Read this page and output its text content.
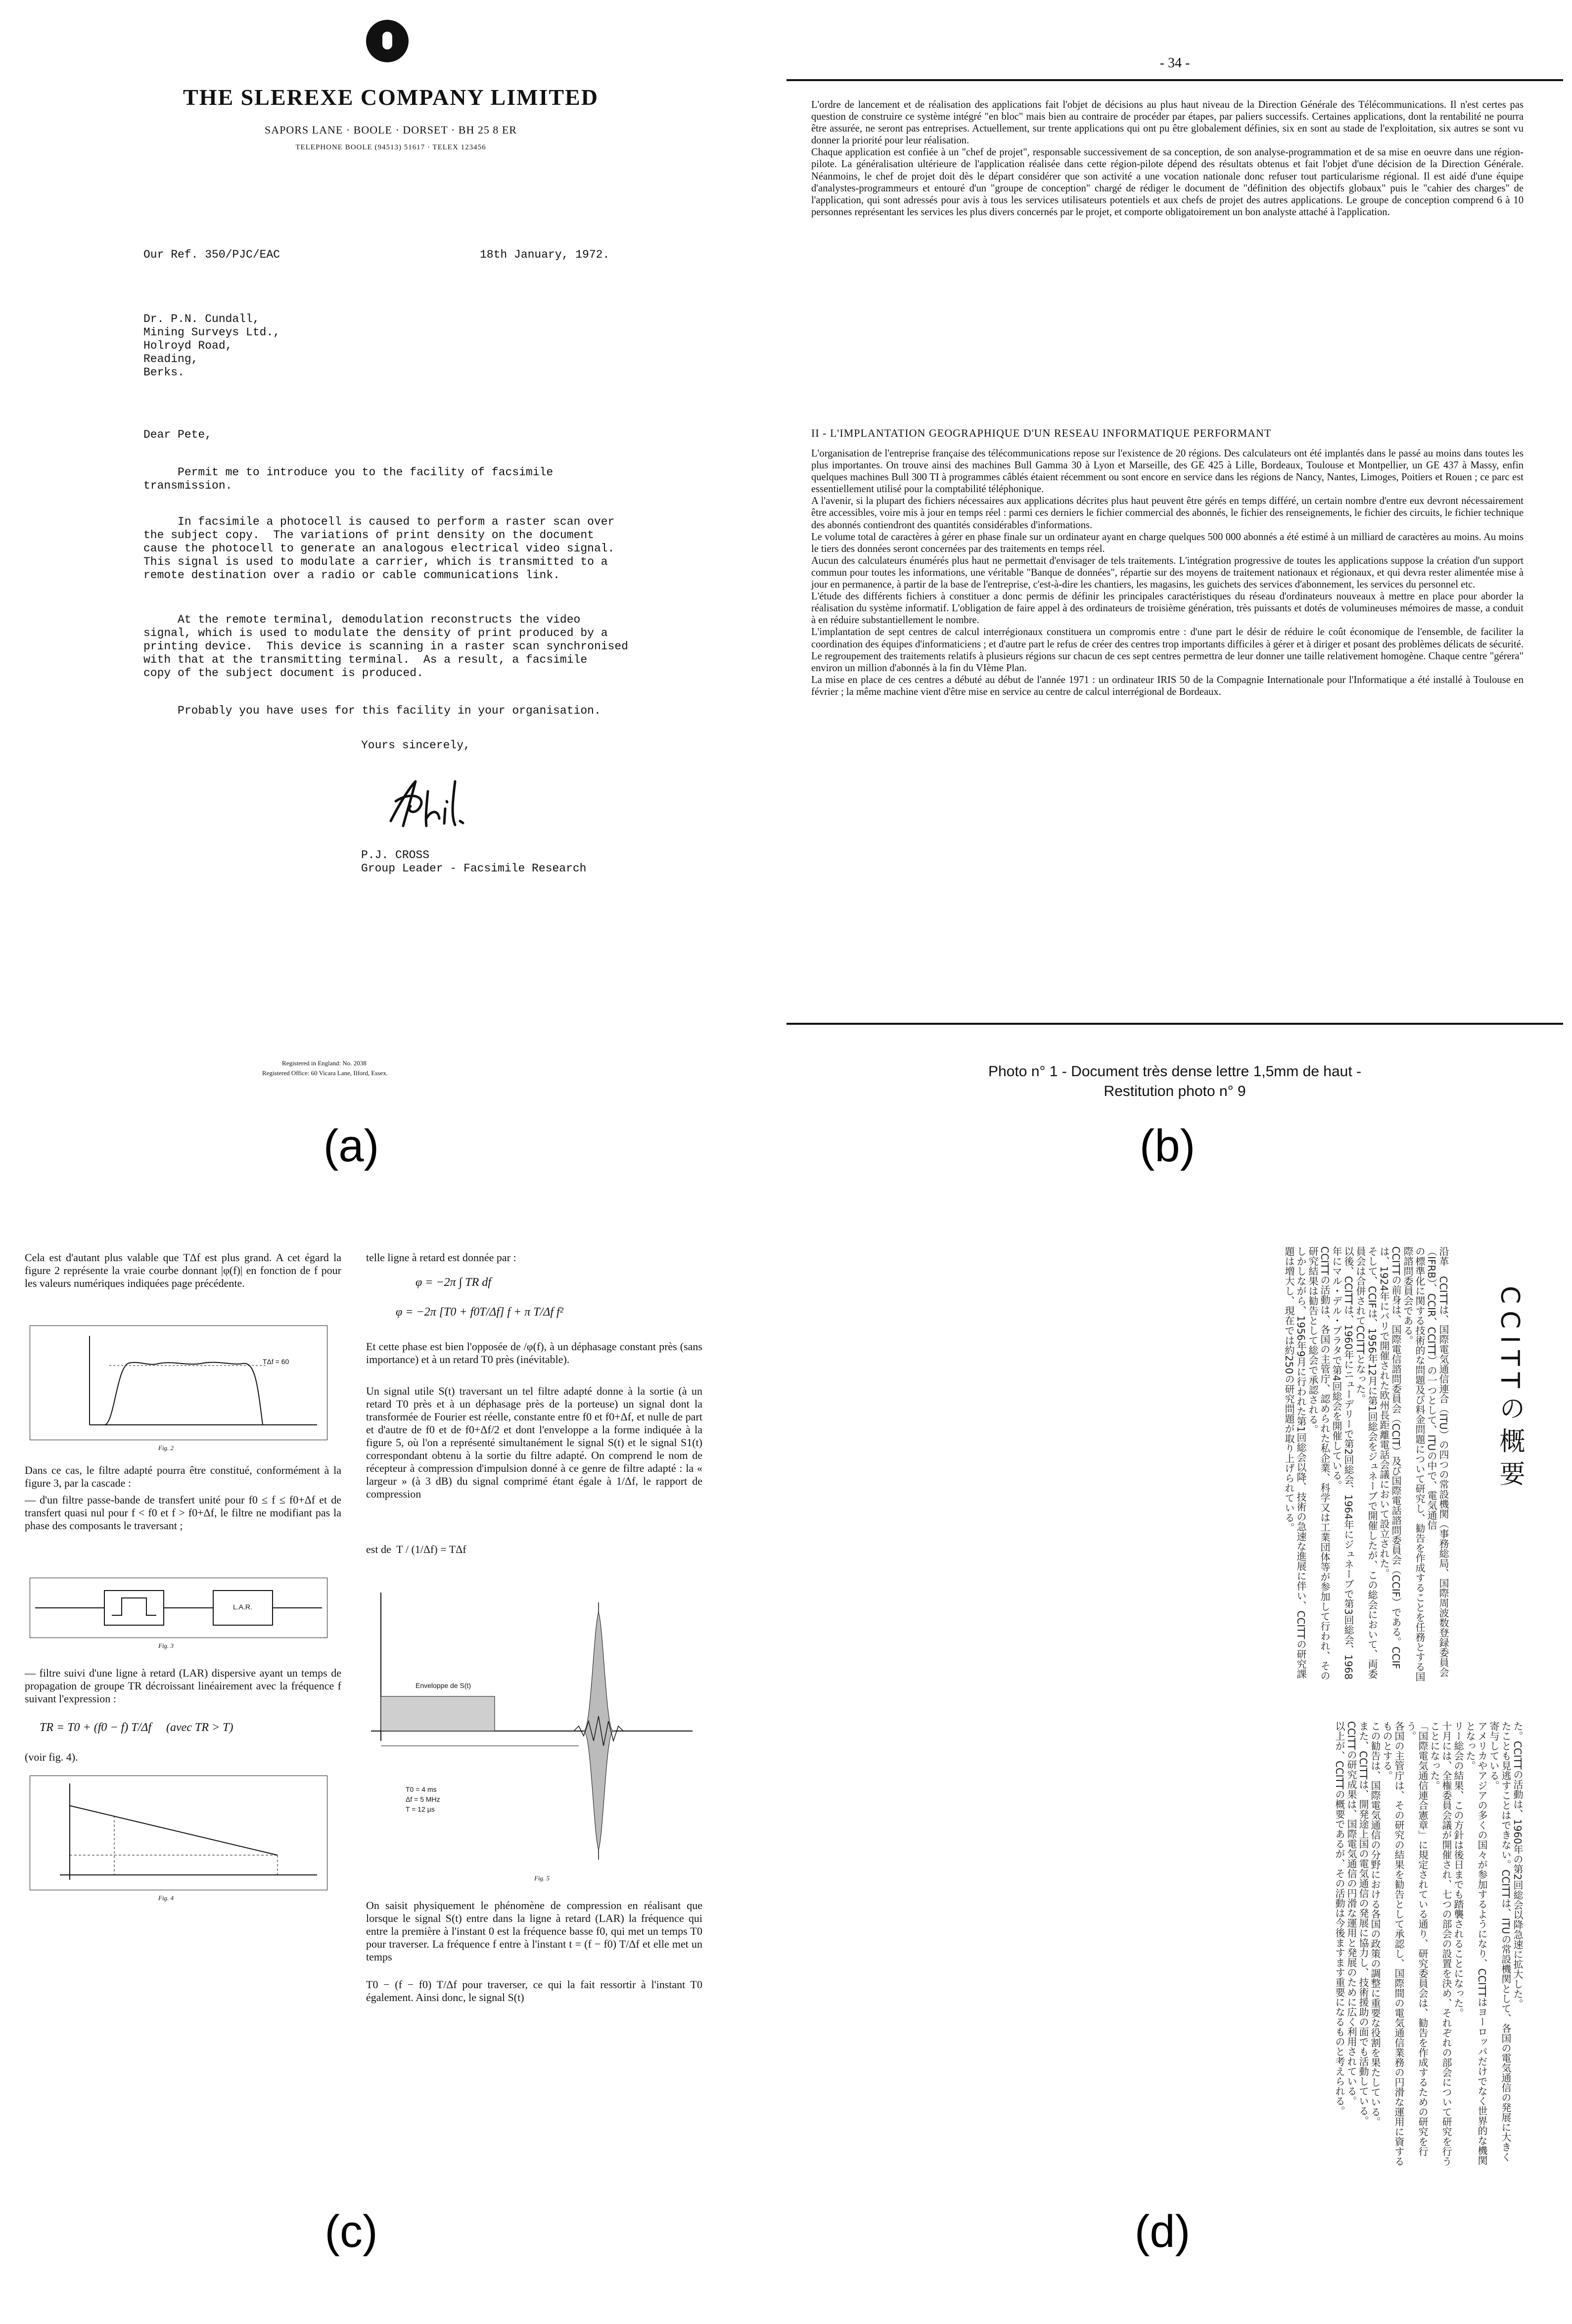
THE SLEREXE COMPANY LIMITED
SAPORS LANE · BOOLE · DORSET · BH 25 8 ER
TELEPHONE BOOLE (94513) 51617 · TELEX 123456
Our Ref. 350/PJC/EAC	18th January, 1972.
Dr. P.N. Cundall,
Mining Surveys Ltd.,
Holroyd Road,
Reading,
Berks.
Dear Pete,
Permit me to introduce you to the facility of facsimile
transmission.
In facsimile a photocell is caused to perform a raster scan over
the subject copy.  The variations of print density on the document
cause the photocell to generate an analogous electrical video signal.
This signal is used to modulate a carrier, which is transmitted to a
remote destination over a radio or cable communications link.
At the remote terminal, demodulation reconstructs the video
signal, which is used to modulate the density of print produced by a
printing device.  This device is scanning in a raster scan synchronised
with that at the transmitting terminal.  As a result, a facsimile
copy of the subject document is produced.
Probably you have uses for this facility in your organisation.
Yours sincerely,
P.J. CROSS
Group Leader - Facsimile Research
Registered in England: No. 2038
Registered Office: 60 Vicara Lane, Ilford, Essex.
(a)
- 34 -

L'ordre de lancement et de réalisation des applications fait l'objet de décisions au plus haut niveau de la Direction Générale des Télécommunications. Il n'est certes pas question de construire ce système intégré "en bloc" mais bien au contraire de procéder par étapes, par paliers successifs. Certaines applications, dont la rentabilité ne pourra être assurée, ne seront pas entreprises. Actuellement, sur trente applications qui ont pu être globalement définies, six en sont au stade de l'exploitation, six autres se sont vu donner la priorité pour leur réalisation.

Chaque application est confiée à un "chef de projet", responsable successivement de sa conception, de son analyse-programmation et de sa mise en oeuvre dans une région-pilote. La généralisation ultérieure de l'application réalisée dans cette région-pilote dépend des résultats obtenus et fait l'objet d'une décision de la Direction Générale. Néanmoins, le chef de projet doit dès le départ considérer que son activité a une vocation nationale donc refuser tout particularisme régional. Il est aidé d'une équipe d'analystes-programmeurs et entouré d'un "groupe de conception" chargé de rédiger le document de "définition des objectifs globaux" puis le "cahier des charges" de l'application, qui sont adressés pour avis à tous les services utilisateurs potentiels et aux chefs de projet des autres applications. Le groupe de conception comprend 6 à 10 personnes représentant les services les plus divers concernés par le projet, et comporte obligatoirement un bon analyste attaché à l'application.

II - L'IMPLANTATION GEOGRAPHIQUE D'UN RESEAU INFORMATIQUE PERFORMANT

L'organisation de l'entreprise française des télécommunications repose sur l'existence de 20 régions. Des calculateurs ont été implantés dans le passé au moins dans toutes les plus importantes. On trouve ainsi des machines Bull Gamma 30 à Lyon et Marseille, des GE 425 à Lille, Bordeaux, Toulouse et Montpellier, un GE 437 à Massy, enfin quelques machines Bull 300 TI à programmes câblés étaient récemment ou sont encore en service dans les régions de Nancy, Nantes, Limoges, Poitiers et Rouen ; ce parc est essentiellement utilisé pour la comptabilité téléphonique.

A l'avenir, si la plupart des fichiers nécessaires aux applications décrites plus haut peuvent être gérés en temps différé, un certain nombre d'entre eux devront nécessairement être accessibles, voire mis à jour en temps réel : parmi ces derniers le fichier commercial des abonnés, le fichier des renseignements, le fichier des circuits, le fichier technique des abonnés contiendront des quantités considérables d'informations.

Le volume total de caractères à gérer en phase finale sur un ordinateur ayant en charge quelques 500 000 abonnés a été estimé à un milliard de caractères au moins. Au moins le tiers des données seront concernées par des traitements en temps réel.

Aucun des calculateurs énumérés plus haut ne permettait d'envisager de tels traitements. L'intégration progressive de toutes les applications suppose la création d'un support commun pour toutes les informations, une véritable "Banque de données", répartie sur des moyens de traitement nationaux et régionaux, et qui devra rester alimentée mise à jour en permanence, à partir de la base de l'entreprise, c'est-à-dire les chantiers, les magasins, les guichets des services d'abonnement, les services du personnel etc.

L'étude des différents fichiers à constituer a donc permis de définir les principales caractéristiques du réseau d'ordinateurs nouveaux à mettre en place pour aborder la réalisation du système informatif. L'obligation de faire appel à des ordinateurs de troisième génération, très puissants et dotés de volumineuses mémoires de masse, a conduit à en réduire substantiellement le nombre.

L'implantation de sept centres de calcul interrégionaux constituera un compromis entre : d'une part le désir de réduire le coût économique de l'ensemble, de faciliter la coordination des équipes d'informaticiens ; et d'autre part le refus de créer des centres trop importants difficiles à gérer et à diriger et posant des problèmes délicats de sécurité. Le regroupement des traitements relatifs à plusieurs régions sur chacun de ces sept centres permettra de leur donner une taille relativement homogène. Chaque centre "gérera" environ un million d'abonnés à la fin du VIème Plan.

La mise en place de ces centres a débuté au début de l'année 1971 : un ordinateur IRIS 50 de la Compagnie Internationale pour l'Informatique a été installé à Toulouse en février ; la même machine vient d'être mise en service au centre de calcul interrégional de Bordeaux.

Photo n° 1 - Document très dense lettre 1,5mm de haut -
Restitution photo n° 9
(b)
Cela est d'autant plus valable que TΔf est plus grand. A cet égard la figure 2 représente la vraie courbe donnant |φ(f)| en fonction de f pour les valeurs numériques indiquées page précédente.
TΔf = 60
Fig. 2
Dans ce cas, le filtre adapté pourra être constitué, conformément à la figure 3, par la cascade :
— d'un filtre passe-bande de transfert unité pour f0 ≤ f ≤ f0+Δf et de transfert quasi nul pour f < f0 et f > f0+Δf, le filtre ne modifiant pas la phase des composants le traversant ;
L.A.R.
Fig. 3
— filtre suivi d'une ligne à retard (LAR) dispersive ayant un temps de propagation de groupe TR décroissant linéairement avec la fréquence f suivant l'expression :
TR = T0 + (f0 − f) T/Δf     (avec TR > T)
(voir fig. 4).
Fig. 4
telle ligne à retard est donnée par :
φ = −2π ∫ TR df
φ = −2π [T0 + f0T/Δf] f + π T/Δf f²
Et cette phase est bien l'opposée de /φ(f), à un déphasage constant près (sans importance) et à un retard T0 près (inévitable).
Un signal utile S(t) traversant un tel filtre adapté donne à la sortie (à un retard T0 près et à un déphasage près de la porteuse) un signal dont la transformée de Fourier est réelle, constante entre f0 et f0+Δf, et nulle de part et d'autre de f0 et de f0+Δf/2 et dont l'enveloppe a la forme indiquée à la figure 5, où l'on a représenté simultanément le signal S(t) et le signal S1(t) correspondant obtenu à la sortie du filtre adapté. On comprend le nom de récepteur à compression d'impulsion donné à ce genre de filtre adapté : la « largeur » (à 3 dB) du signal comprimé étant égale à 1/Δf, le rapport de compression
est de  T / (1/Δf) = TΔf
Enveloppe de S(t)
T0 = 4 ms
Δf = 5 MHz
T = 12 µs
Fig. 5
On saisit physiquement le phénomène de compression en réalisant que lorsque le signal S(t) entre dans la ligne à retard (LAR) la fréquence qui entre la première à l'instant 0 est la fréquence basse f0, qui met un temps T0 pour traverser. La fréquence f entre à l'instant t = (f − f0) T/Δf et elle met un temps
T0 − (f − f0) T/Δf pour traverser, ce qui la fait ressortir à l'instant T0 également. Ainsi donc, le signal S(t)
(c)
CCITTの概要
沿革　CCITTは、国際電気通信連合（ITU）の四つの常設機関（事務総局、国際周波数登録委員会（IFRB）、CCIR、CCITT）の一つとして、ITUの中で、電気通信
の標準化に関する技術的な問題及び料金問題について研究し、勧告を作成することを任務とする国際諮問委員会である。
CCITTの前身は、国際電信諮問委員会（CCIT）及び国際電話諮問委員会（CCIF）である。CCIFは、1924年にパリで開催された欧州長距離電話会議において設立された。
そして、CCIFは、1956年12月に第1回総会をジュネーブで開催したが、この総会において、両委員会は合併されてCCITTとなった。
以後、CCITTは、1960年にニューデリーで第2回総会、1964年にジュネーブで第3回総会、1968年にマル・デル・プラタで第4回総会を開催している。
CCITTの活動は、各国の主管庁、認められた私企業、科学又は工業団体等が参加して行われ、その研究結果は勧告として総会で承認される。
しかしながら、1956年9月に行われた第1回総会以降、技術の急速な進展に伴い、CCITTの研究課題は増大し、現在では約250の研究問題が取り上げられている。
た。CCITTの活動は、1960年の第2回総会以降急速に拡大した。
たことも見逃すことはできない。CCITTは、ITUの常設機関として、各国の電気通信の発展に大きく寄与している。
アメリカやアジアの多くの国々が参加するようになり、CCITTはヨーロッパだけでなく世界的な機関となった。
リー総会の結果、この方針は後日までも踏襲されることになった。
十月には、全権委員会議が開催され、七つの部会の設置を決め、それぞれの部会について研究を行うことになった。
「国際電気通信連合憲章」に規定されている通り、研究委員会は、勧告を作成するための研究を行う。
各国の主管庁は、その研究の結果を勧告として承認し、国際間の電気通信業務の円滑な運用に資するものとする。
この勧告は、国際電気通信の分野における各国の政策の調整に重要な役割を果たしている。
また、CCITTは、開発途上国の電気通信の発展に協力し、技術援助の面でも活動している。
CCITTの研究成果は、国際電気通信の円滑な運用と発展のために広く利用されている。
以上が、CCITTの概要であるが、その活動は今後ますます重要になるものと考えられる。
(d)
